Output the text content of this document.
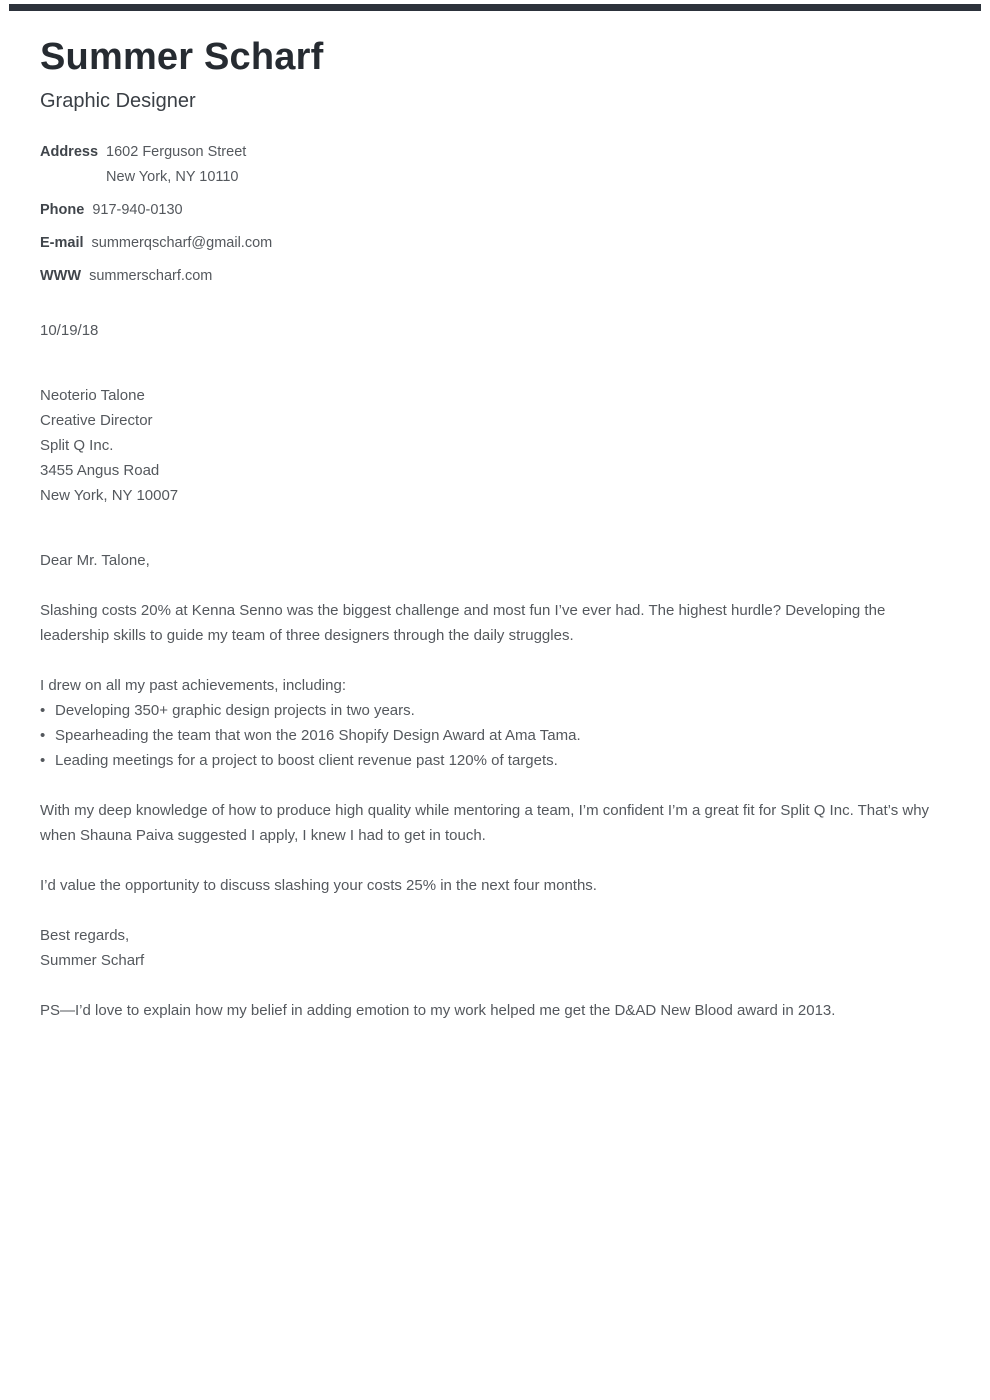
Summer Scharf
Graphic Designer
Address 1602 Ferguson Street
New York, NY 10110
Phone 917-940-0130
E-mail summerqscharf@gmail.com
WWW summerscharf.com
10/19/18
Neoterio Talone
Creative Director
Split Q Inc.
3455 Angus Road
New York, NY 10007
Dear Mr. Talone,

Slashing costs 20% at Kenna Senno was the biggest challenge and most fun I’ve ever had. The highest hurdle? Developing the leadership skills to guide my team of three designers through the daily struggles.

I drew on all my past achievements, including:
• Developing 350+ graphic design projects in two years.
• Spearheading the team that won the 2016 Shopify Design Award at Ama Tama.
• Leading meetings for a project to boost client revenue past 120% of targets.

With my deep knowledge of how to produce high quality while mentoring a team, I’m confident I’m a great fit for Split Q Inc. That’s why when Shauna Paiva suggested I apply, I knew I had to get in touch.

I’d value the opportunity to discuss slashing your costs 25% in the next four months.

Best regards,
Summer Scharf

PS—I’d love to explain how my belief in adding emotion to my work helped me get the D&AD New Blood award in 2013.
